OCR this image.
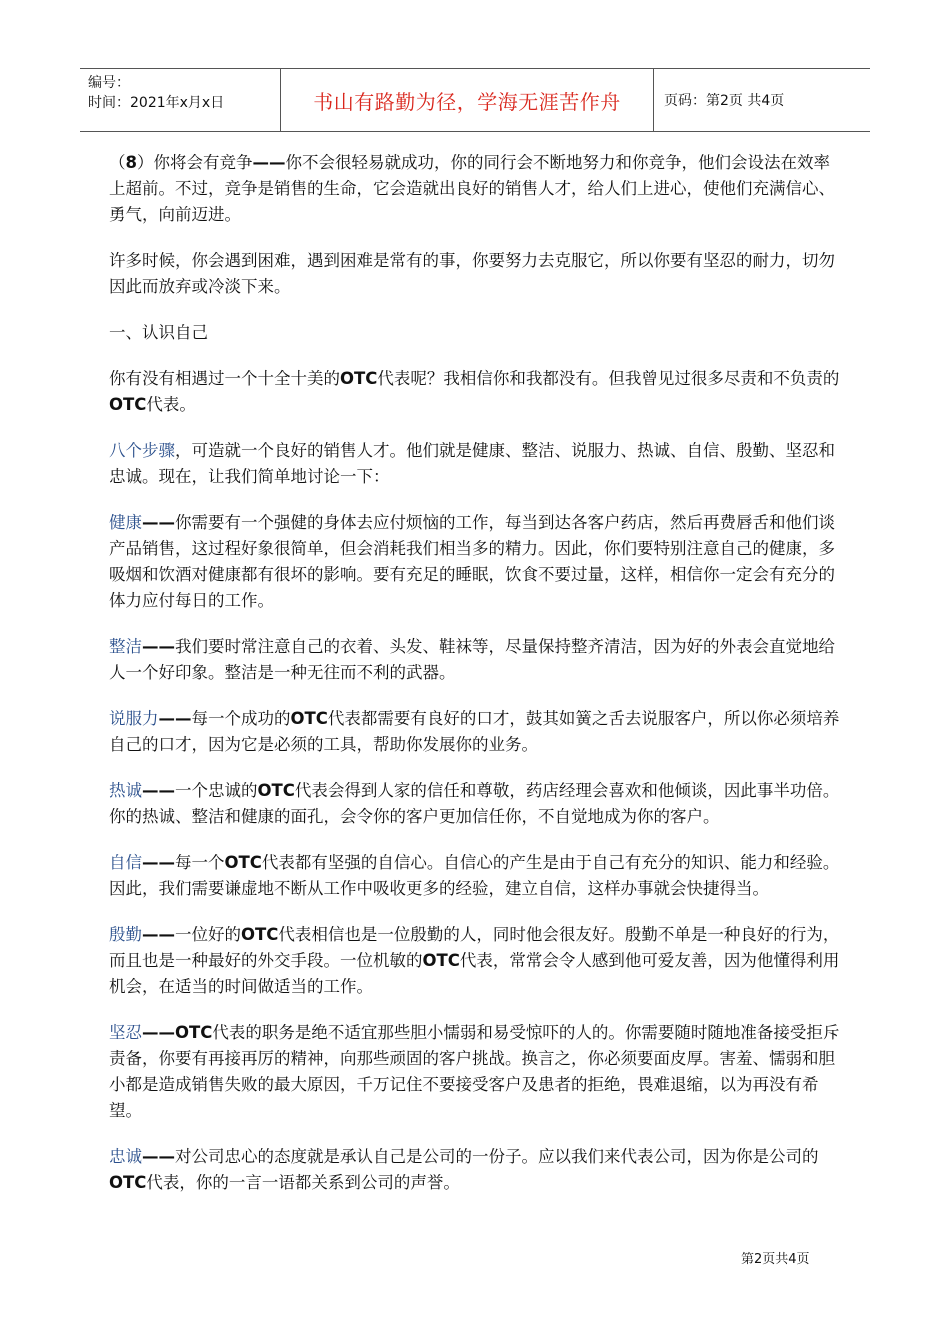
编号：
时间：2021年x月x日	书山有路勤为径，学海无涯苦作舟	页码：第2页 共4页

（8）你将会有竞争——你不会很轻易就成功，你的同行会不断地努力和你竞争，他们会设法在效率上超前。不过，竞争是销售的生命，它会造就出良好的销售人才，给人们上进心，使他们充满信心、勇气，向前迈进。

许多时候，你会遇到困难，遇到困难是常有的事，你要努力去克服它，所以你要有坚忍的耐力，切勿因此而放弃或冷淡下来。

一、认识自己

你有没有相遇过一个十全十美的OTC代表呢？我相信你和我都没有。但我曾见过很多尽责和不负责的OTC代表。

八个步骤，可造就一个良好的销售人才。他们就是健康、整洁、说服力、热诚、自信、殷勤、坚忍和忠诚。现在，让我们简单地讨论一下：

健康——你需要有一个强健的身体去应付烦恼的工作，每当到达各客户药店，然后再费唇舌和他们谈产品销售，这过程好象很简单，但会消耗我们相当多的精力。因此，你们要特别注意自己的健康，多吸烟和饮酒对健康都有很坏的影响。要有充足的睡眠，饮食不要过量，这样，相信你一定会有充分的体力应付每日的工作。

整洁——我们要时常注意自己的衣着、头发、鞋袜等，尽量保持整齐清洁，因为好的外表会直觉地给人一个好印象。整洁是一种无往而不利的武器。

说服力——每一个成功的OTC代表都需要有良好的口才，鼓其如簧之舌去说服客户，所以你必须培养自己的口才，因为它是必须的工具，帮助你发展你的业务。

热诚——一个忠诚的OTC代表会得到人家的信任和尊敬，药店经理会喜欢和他倾谈，因此事半功倍。 你的热诚、整洁和健康的面孔，会令你的客户更加信任你，不自觉地成为你的客户。

自信——每一个OTC代表都有坚强的自信心。自信心的产生是由于自己有充分的知识、能力和经验。因此，我们需要谦虚地不断从工作中吸收更多的经验，建立自信，这样办事就会快捷得当。

殷勤——一位好的OTC代表相信也是一位殷勤的人，同时他会很友好。殷勤不单是一种良好的行为，而且也是一种最好的外交手段。一位机敏的OTC代表，常常会令人感到他可爱友善，因为他懂得利用机会，在适当的时间做适当的工作。

坚忍——OTC代表的职务是绝不适宜那些胆小懦弱和易受惊吓的人的。你需要随时随地准备接受拒斥责备，你要有再接再厉的精神，向那些顽固的客户挑战。换言之，你必须要面皮厚。害羞、懦弱和胆小都是造成销售失败的最大原因，千万记住不要接受客户及患者的拒绝，畏难退缩，以为再没有希望。

忠诚——对公司忠心的态度就是承认自己是公司的一份子。应以我们来代表公司，因为你是公司的OTC代表，你的一言一语都关系到公司的声誉。

第2页共4页
